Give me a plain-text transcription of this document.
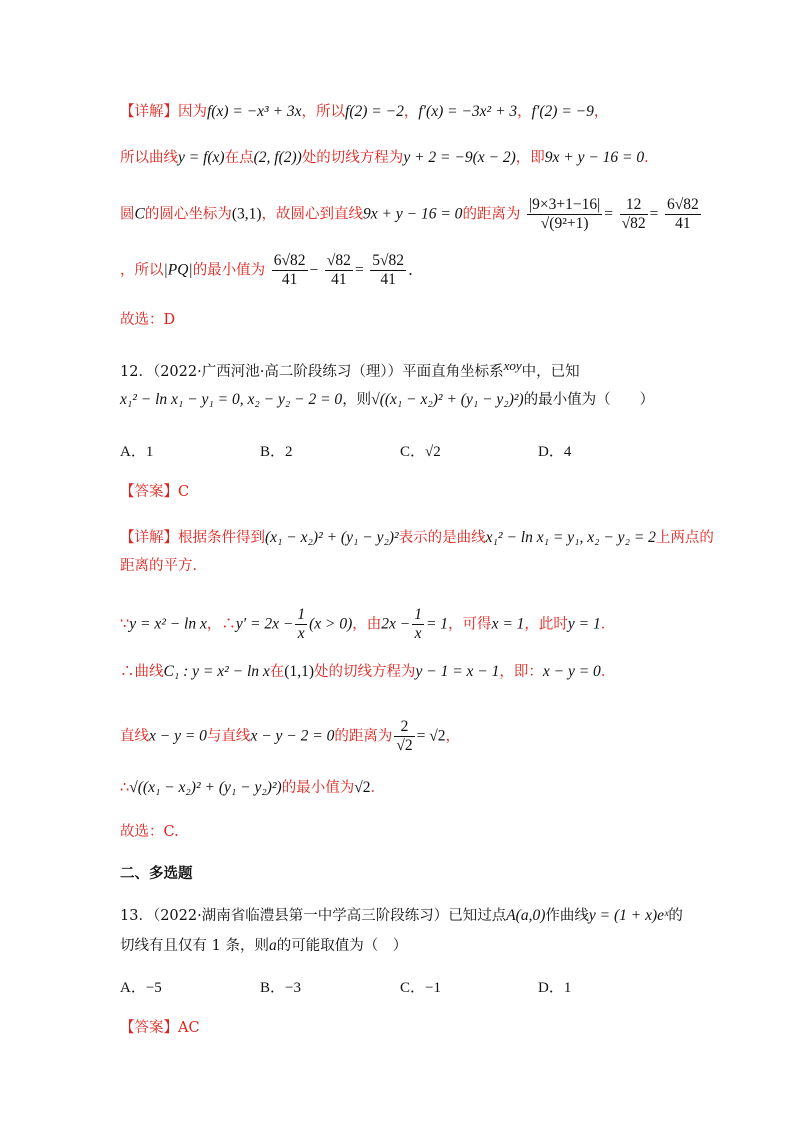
【详解】因为f(x) = −x³ + 3x，所以f(2) = −2，f′(x) = −3x² + 3，f′(2) = −9，
所以曲线y = f(x)在点(2, f(2))处的切线方程为y + 2 = −9(x − 2)，即9x + y − 16 = 0．
圆C的圆心坐标为(3,1)，故圆心到直线9x + y − 16 = 0的距离为 $\frac{|9\times 3+1-16|}{\text{√(9²+1)}} = \frac{12}{√82} = \frac{6√82}{41}$
，所以|PQ|的最小值为 $\frac{6√82}{41} - \frac{√82}{41} = \frac{5√82}{41}$ ．
故选：D
12．（2022·广西河池·高二阶段练习（理））平面直角坐标系xoy中，已知
x₁² − ln x₁ − y₁ = 0, x₂ − y₂ − 2 = 0，则√((x₁ − x₂)² + (y₁ − y₂)²)的最小值为（　　）
A．1	B．2	C．√2	D．4
【答案】C
【详解】根据条件得到(x₁ − x₂)² + (y₁ − y₂)²表示的是曲线x₁² − ln x₁ = y₁, x₂ − y₂ = 2上两点的
距离的平方．
∵y = x² − ln x，∴y′ = $2x - \frac{1}{x} (x > 0)$，由$2x - \frac{1}{x} = 1$，可得x = 1，此时y = 1．
∴曲线C₁ : y = x² − ln x在(1,1)处的切线方程为y − 1 = x − 1，即：x − y = 0．
直线x − y = 0与直线x − y − 2 = 0的距离为 $\frac{2}{√2} = √2$，
∴√((x₁ − x₂)² + (y₁ − y₂)²)的最小值为√2．
故选：C.
二、多选题
13．（2022·湖南省临澧县第一中学高三阶段练习）已知过点A(a,0)作曲线y = (1 + x)eˣ的
切线有且仅有 1 条，则a的可能取值为（　）
A．−5	B．−3	C．−1	D．1
【答案】AC
